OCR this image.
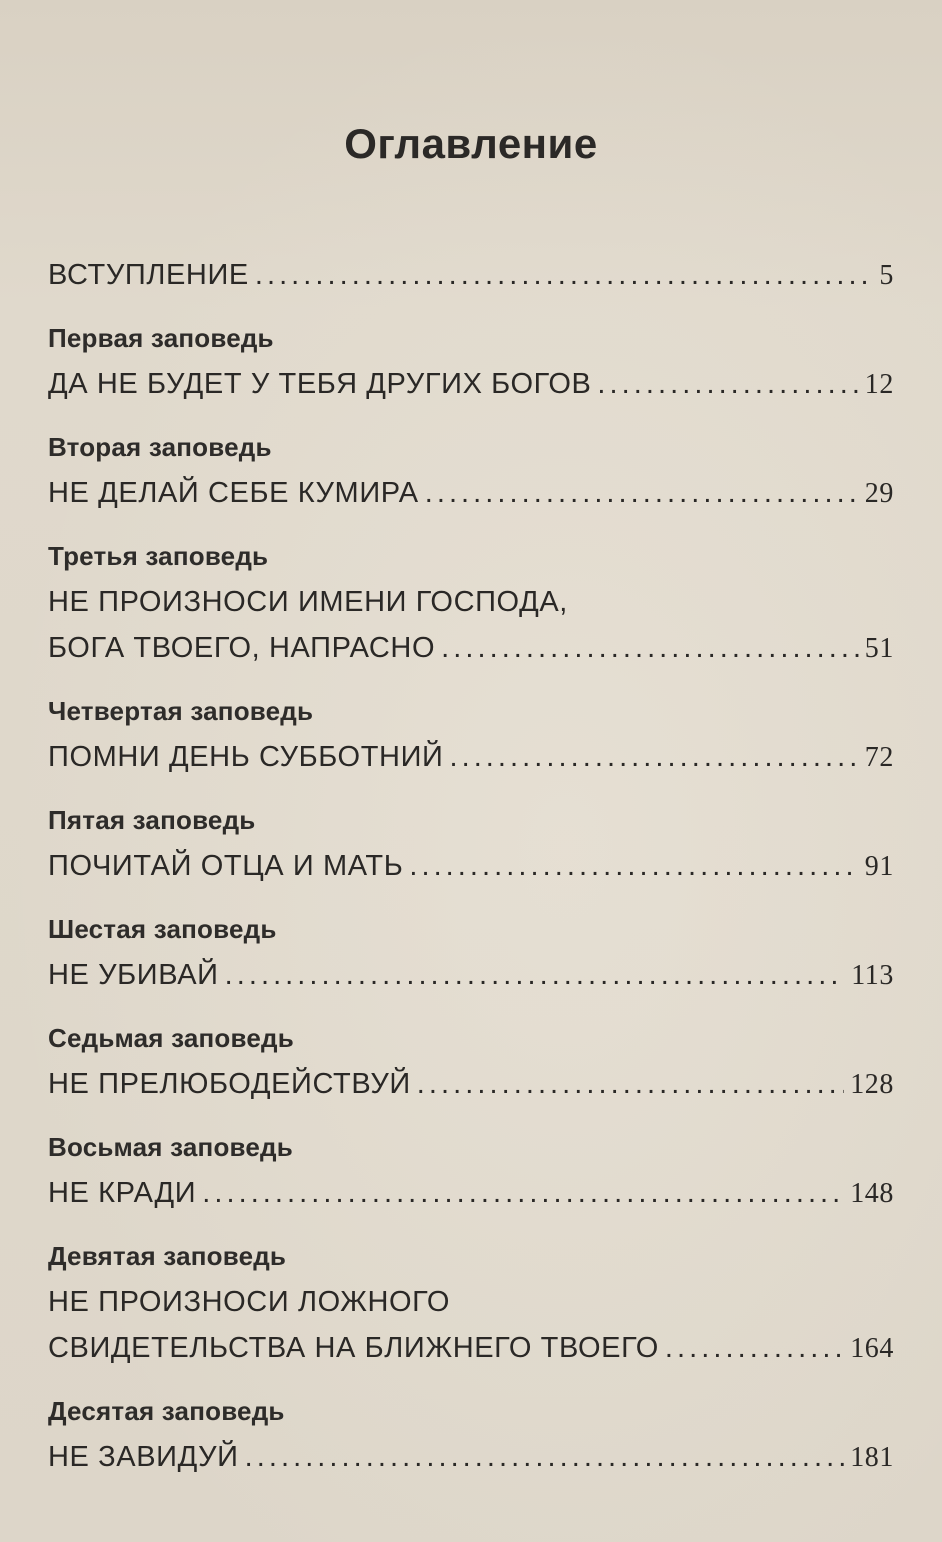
Оглавление
ВСТУПЛЕНИЕ . . .	5
Первая заповедь
ДА НЕ БУДЕТ У ТЕБЯ ДРУГИХ БОГОВ . . .	12
Вторая заповедь
НЕ ДЕЛАЙ СЕБЕ КУМИРА . . .	29
Третья заповедь
НЕ ПРОИЗНОСИ ИМЕНИ ГОСПОДА,
БОГА ТВОЕГО, НАПРАСНО . . .	51
Четвертая заповедь
ПОМНИ ДЕНЬ СУББОТНИЙ . . .	72
Пятая заповедь
ПОЧИТАЙ ОТЦА И МАТЬ . . .	91
Шестая заповедь
НЕ УБИВАЙ . . .	113
Седьмая заповедь
НЕ ПРЕЛЮБОДЕЙСТВУЙ . . .	128
Восьмая заповедь
НЕ КРАДИ . . .	148
Девятая заповедь
НЕ ПРОИЗНОСИ ЛОЖНОГО
СВИДЕТЕЛЬСТВА НА БЛИЖНЕГО ТВОЕГО . . .	164
Десятая заповедь
НЕ ЗАВИДУЙ . . .	181
